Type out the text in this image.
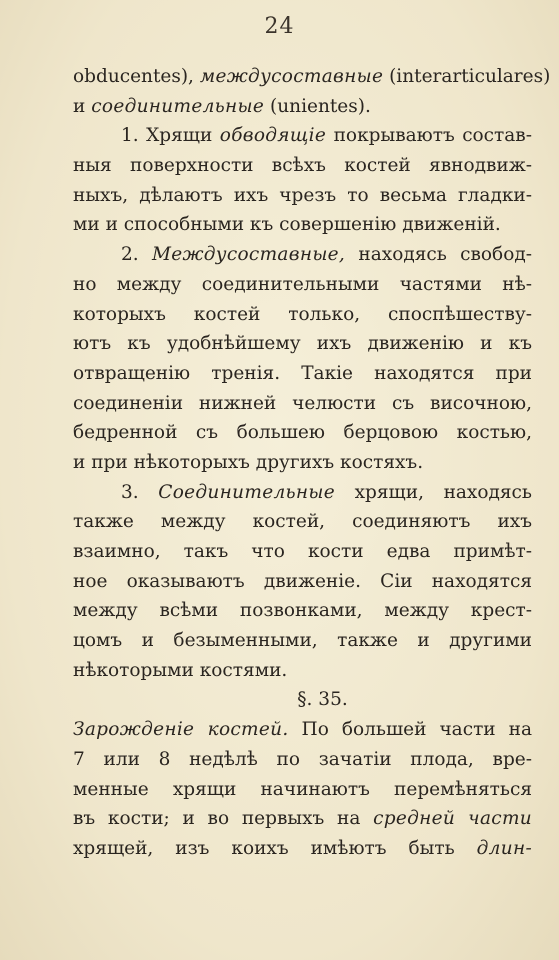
24
obducentes), междусоставные (interarticulares)
и соединительные (unientes).
1. Хрящи обводящіе покрываютъ состав-
ныя поверхности всѣхъ костей явнодвиж-
ныхъ, дѣлаютъ ихъ чрезъ то весьма гладки-
ми и способными къ совершенію движеній.
2. Междусоставные, находясь свобод-
но между соединительными частями нѣ-
которыхъ костей только, споспѣшеству-
ютъ къ удобнѣйшему ихъ движенію и къ
отвращенію тренія. Такіе находятся при
соединеніи нижней челюсти съ височною,
бедренной съ большею берцовою костью,
и при нѣкоторыхъ другихъ костяхъ.
3. Соединительные хрящи, находясь
также между костей, соединяютъ ихъ
взаимно, такъ что кости едва примѣт-
ное оказываютъ движеніе. Сіи находятся
между всѣми позвонками, между крест-
цомъ и безыменными, также и другими
нѣкоторыми костями.
§. 35.
Зарожденіе костей. По большей части на
7 или 8 недѣлѣ по зачатіи плода, вре-
менные хрящи начинаютъ перемѣняться
въ кости; и во первыхъ на средней части
хрящей, изъ коихъ имѣютъ быть длин-
